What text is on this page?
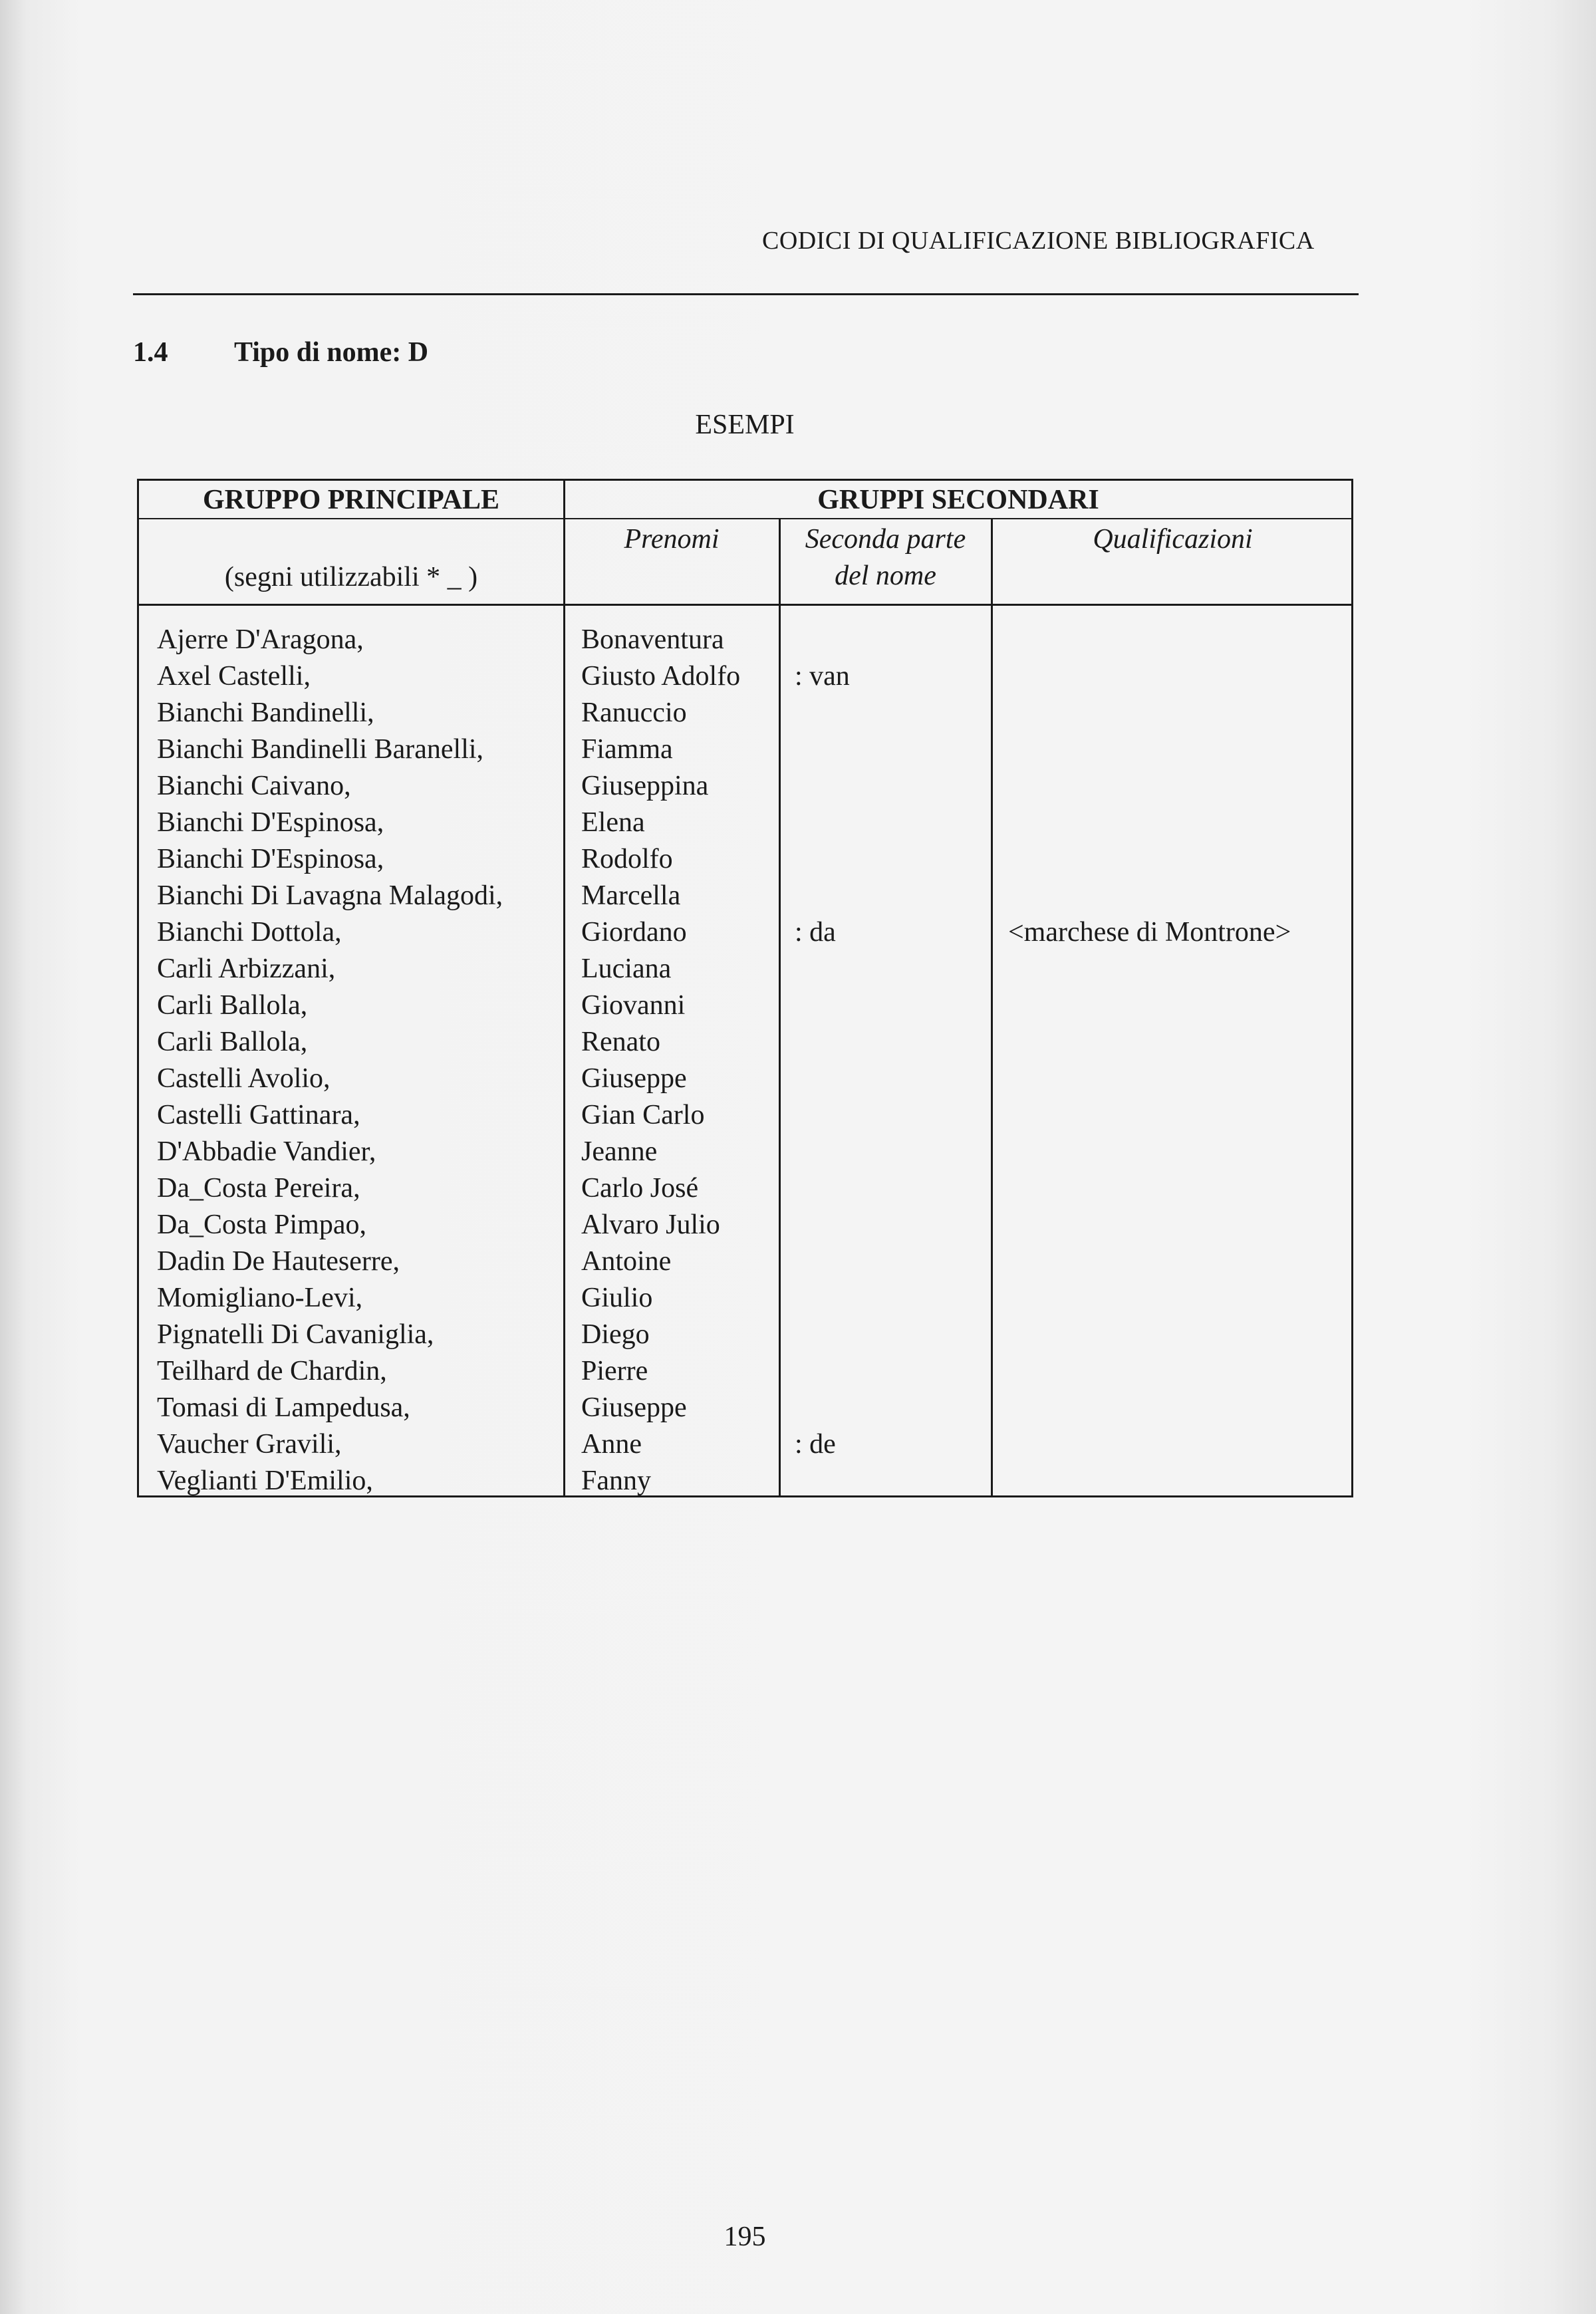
CODICI DI QUALIFICAZIONE BIBLIOGRAFICA
1.4 Tipo di nome: D
ESEMPI
GRUPPO PRINCIPALE	GRUPPI SECONDARI
(segni utilizzabili * _ )
Prenomi	Seconda parte
del nome
Qualificazioni
Ajerre D'Aragona,
Axel Castelli,
Bianchi Bandinelli,
Bianchi Bandinelli Baranelli,
Bianchi Caivano,
Bianchi D'Espinosa,
Bianchi D'Espinosa,
Bianchi Di Lavagna Malagodi,
Bianchi Dottola,
Carli Arbizzani,
Carli Ballola,
Carli Ballola,
Castelli Avolio,
Castelli Gattinara,
D'Abbadie Vandier,
Da_Costa Pereira,
Da_Costa Pimpao,
Dadin De Hauteserre,
Momigliano-Levi,
Pignatelli Di Cavaniglia,
Teilhard de Chardin,
Tomasi di Lampedusa,
Vaucher Gravili,
Veglianti D'Emilio,
Bonaventura
Giusto Adolfo
Ranuccio
Fiamma
Giuseppina
Elena
Rodolfo
Marcella
Giordano
Luciana
Giovanni
Renato
Giuseppe
Gian Carlo
Jeanne
Carlo José
Alvaro Julio
Antoine
Giulio
Diego
Pierre
Giuseppe
Anne
Fanny
: van
: da
: de
<marchese di Montrone>
195
